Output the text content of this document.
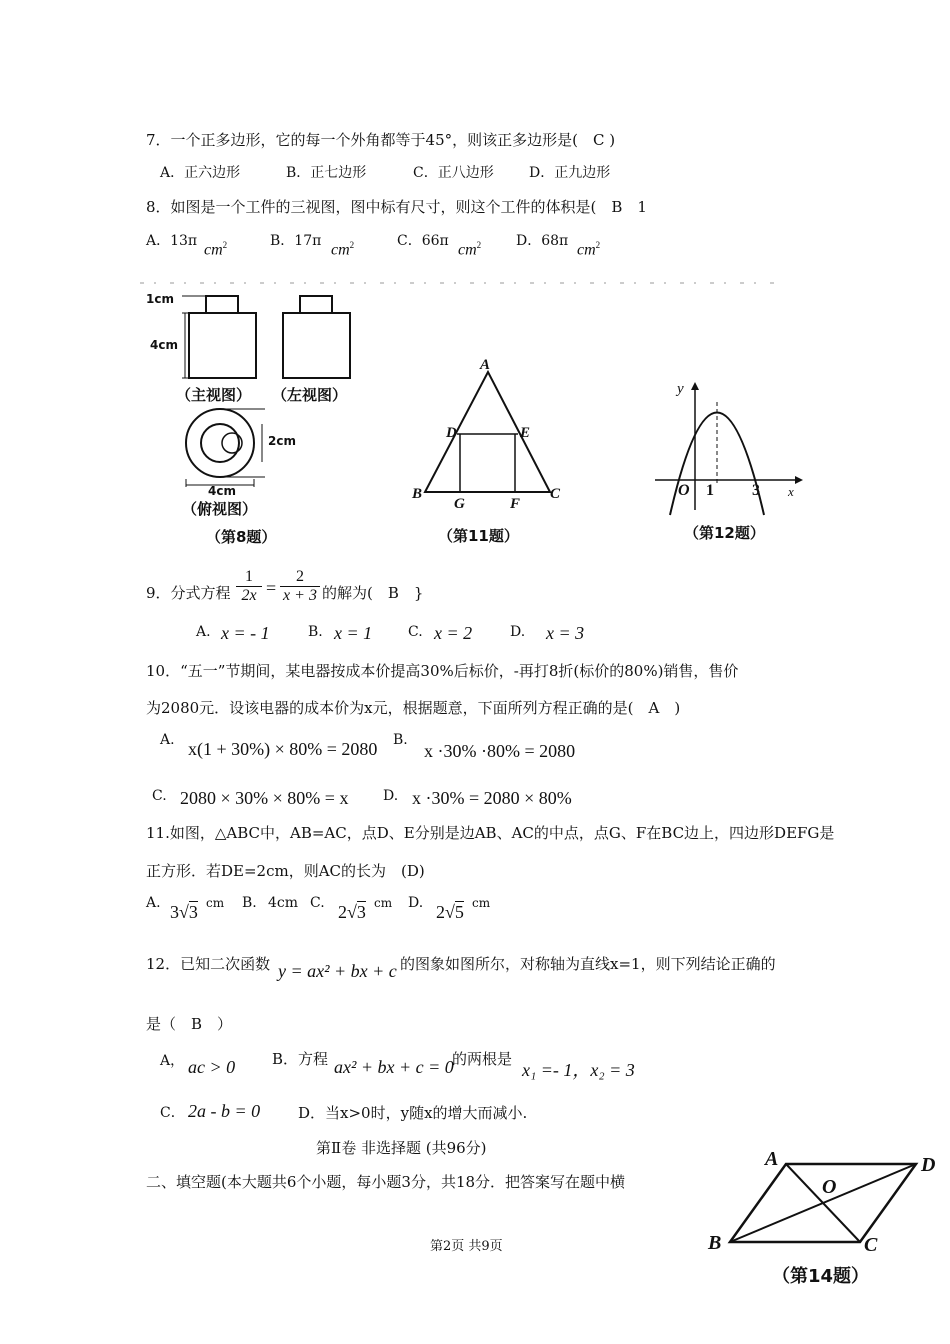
7．一个正多边形，它的每一个外角都等于45°，则该正多边形是(　C )
A．正六边形	B．正七边形	C．正八边形	D．正九边形
8．如图是一个工件的三视图，图中标有尺寸，则这个工件的体积是(　B　1
A．13π
$cm^2$	B．17π
$cm^2$	C．66π
$cm^2$ D．68π
$cm^2$
1cm
4cm
（主视图） （左视图）
2cm
4cm
（俯视图）
（第8题）
A
D	E
B
G	F
C
（第11题）
y
x
O 1 3
（第12题）
9．分式方程 $\frac{1}{2x} = \frac{2}{x + 3}$ 的解为(　B　}
A. x = - 1	B. x = 1	C. x = 2	D. x = 3
10．“五一”节期间，某电器按成本价提高30%后标价，-再打8折(标价的80%)销售，售价
为2080元．设该电器的成本价为x元，根据题意，下面所列方程正确的是(　A　)
A. x(1 + 30%) × 80% = 2080 B.
x ·30% ·80% = 2080
C. 2080 × 30% × 80% = x D. x ·30% = 2080 × 80%
11.如图，△ABC中，AB=AC，点D、E分别是边AB、AC的中点，点G、F在BC边上，四边形DEFG是
正方形．若DE=2cm，则AC的长为　(D)
A. 3√3 cm B. 4cm C. 2√3 cm D. 2√5 cm
12．已知二次函数 y = ax² + bx + c 的图象如图所尔，对称轴为直线x=1，则下列结论正确的
是（　B　）
A， ac > 0 B．方程 ax² + bx + c = 0
的两根是
x₁ =- 1，x₂ = 3
C． 2a - b = 0	D．当x>0时，y随x的增大而减小.
第Ⅱ卷 非选择题 (共96分)
二、填空题(本大题共6个小题，每小题3分，共18分．把答案写在题中横
A	D
O
B	C
（第14题）
第2页 共9页
